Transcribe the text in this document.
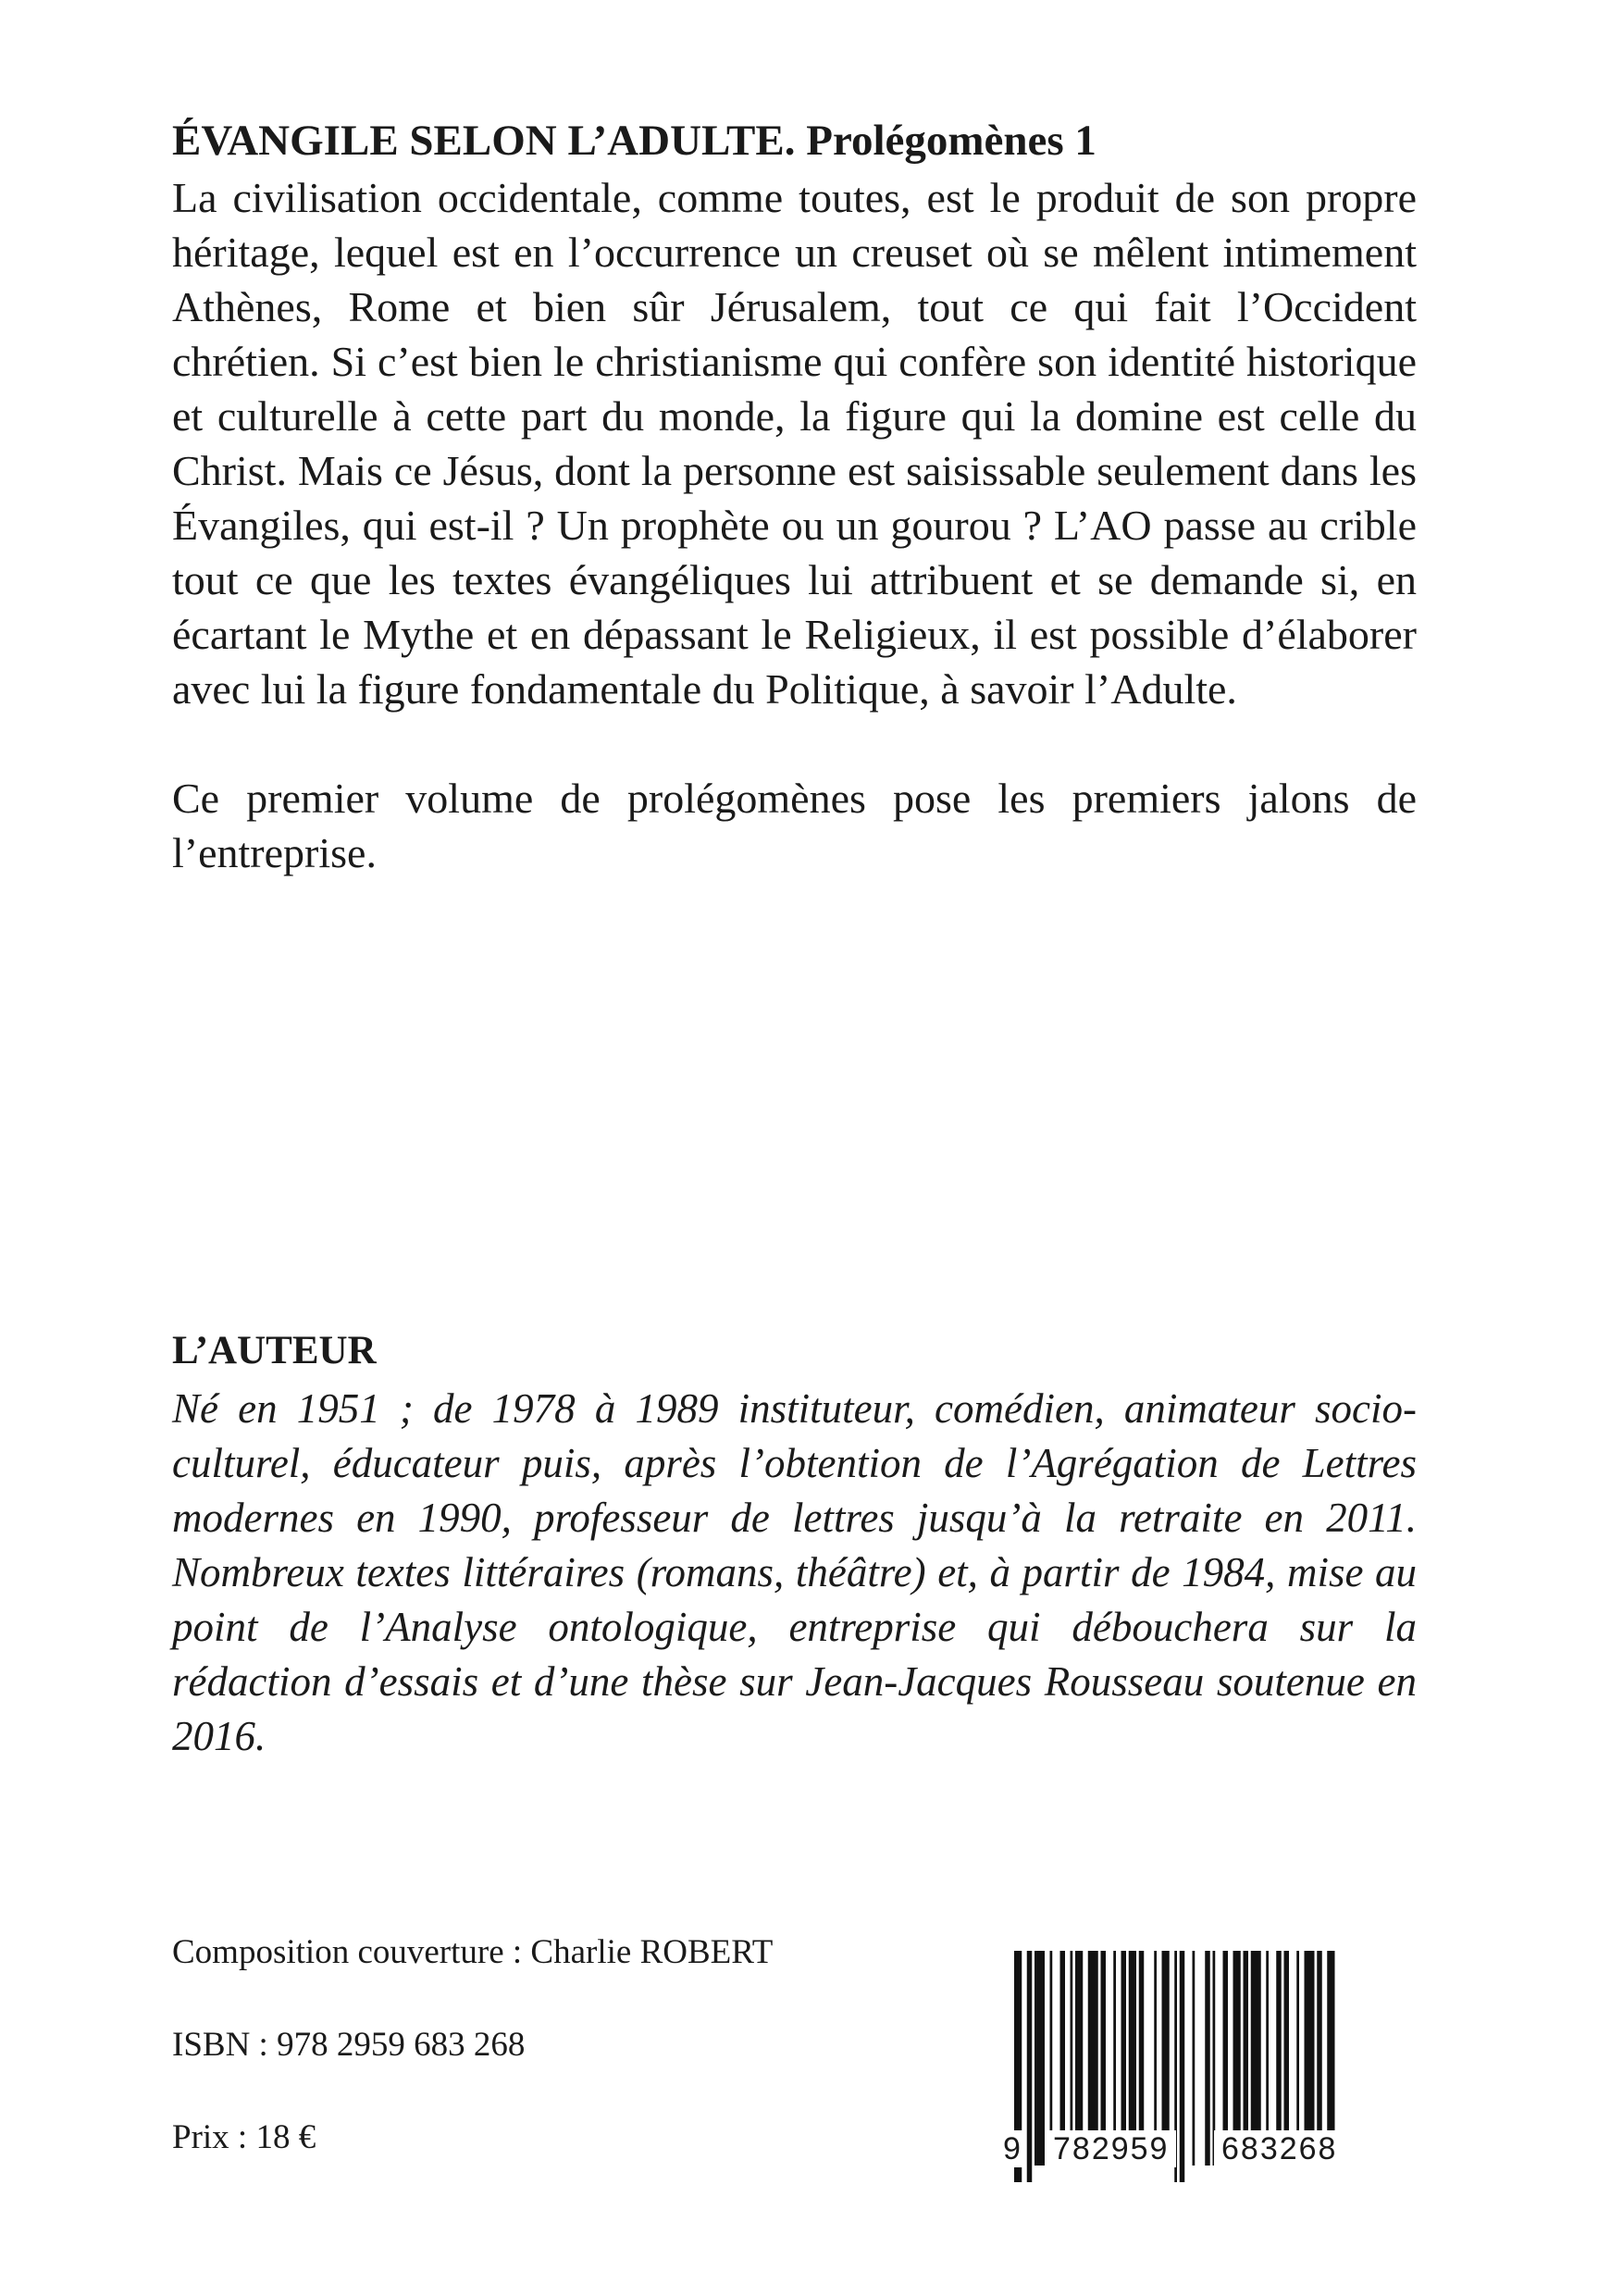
ÉVANGILE SELON L’ADULTE. Prolégomènes 1

La civilisation occidentale, comme toutes, est le produit de son propre héritage, lequel est en l’occurrence un creuset où se mêlent intimement Athènes, Rome et bien sûr Jérusalem, tout ce qui fait l’Occident chrétien. Si c’est bien le christianisme qui confère son identité historique et culturelle à cette part du monde, la figure qui la domine est celle du Christ. Mais ce Jésus, dont la personne est saisissable seulement dans les Évangiles, qui est-il ? Un prophète ou un gourou ? L’AO passe au crible tout ce que les textes évangéliques lui attribuent et se demande si, en écartant le Mythe et en dépassant le Religieux, il est possible d’élaborer avec lui la figure fondamentale du Politique, à savoir l’Adulte.

Ce premier volume de prolégomènes pose les premiers jalons de l’entreprise.

L’AUTEUR
Né en 1951 ; de 1978 à 1989 instituteur, comédien, animateur socio-culturel, éducateur puis, après l’obtention de l’Agrégation de Lettres modernes en 1990, professeur de lettres jusqu’à la retraite en 2011. Nombreux textes littéraires (romans, théâtre) et, à partir de 1984, mise au point de l’Analyse ontologique, entreprise qui débouchera sur la rédaction d’essais et d’une thèse sur Jean-Jacques Rousseau soutenue en 2016.
Composition couverture : Charlie ROBERT
ISBN : 978 2959 683 268
Prix : 18 €	9 782959 683268
